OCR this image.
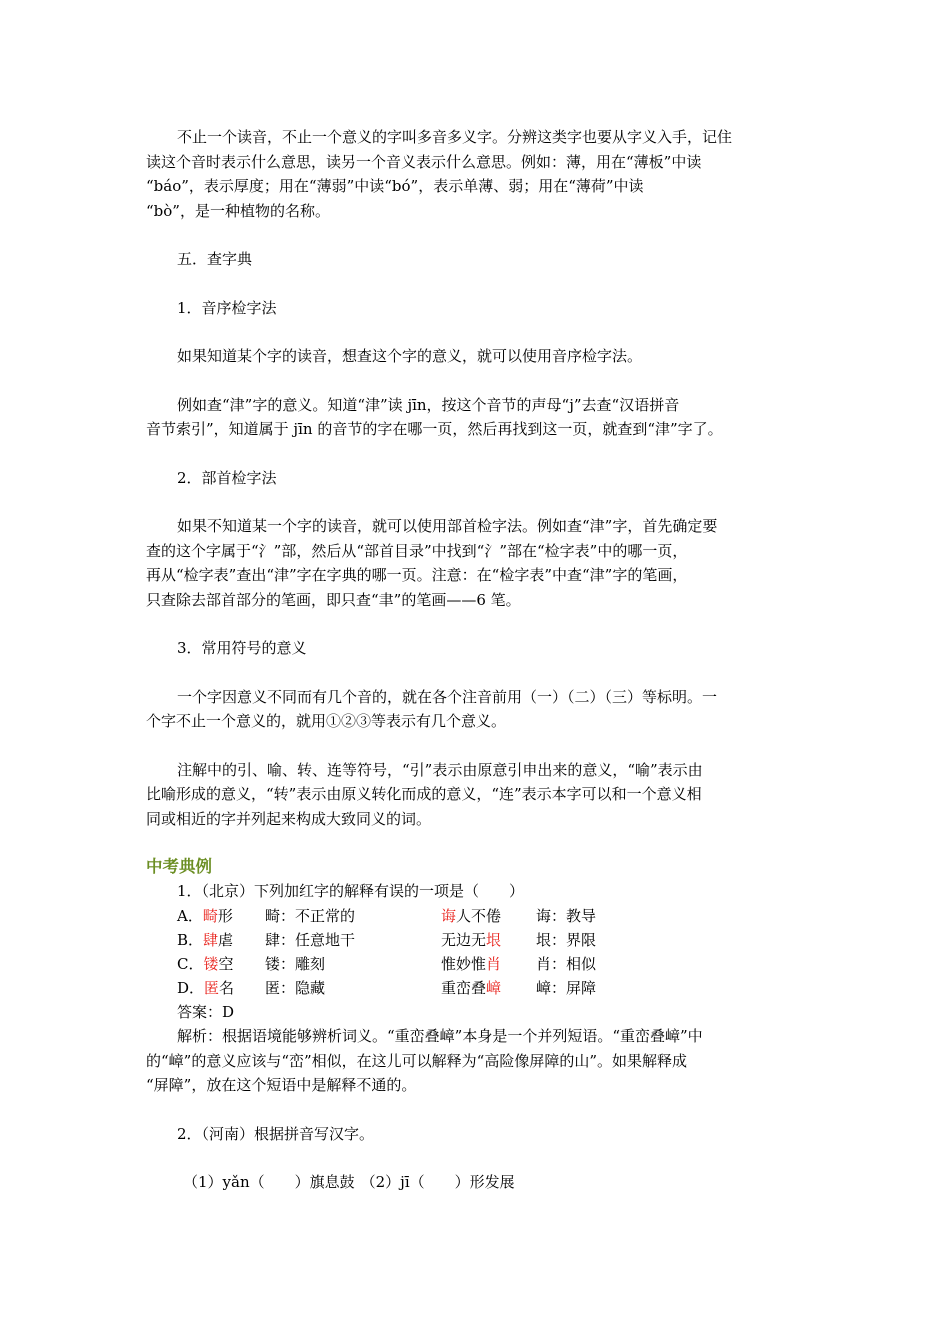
不止一个读音，不止一个意义的字叫多音多义字。分辨这类字也要从字义入手，记住

读这个音时表示什么意思，读另一个音义表示什么意思。例如：薄，用在“薄板”中读

“báo”，表示厚度；用在“薄弱”中读“bó”，表示单薄、弱；用在“薄荷”中读

“bò”，是一种植物的名称。

五．查字典

1．音序检字法

如果知道某个字的读音，想查这个字的意义，就可以使用音序检字法。

例如查“津”字的意义。知道“津”读 jīn，按这个音节的声母“j”去查“汉语拼音

音节索引”，知道属于 jīn 的音节的字在哪一页，然后再找到这一页，就查到“津”字了。

2．部首检字法

如果不知道某一个字的读音，就可以使用部首检字法。例如查“津”字，首先确定要

查的这个字属于“氵”部，然后从“部首目录”中找到“氵”部在“检字表”中的哪一页，

再从“检字表”查出“津”字在字典的哪一页。注意：在“检字表”中查“津”字的笔画，

只查除去部首部分的笔画，即只查“聿”的笔画——6 笔。

3．常用符号的意义

一个字因意义不同而有几个音的，就在各个注音前用（一）（二）（三）等标明。一

个字不止一个意义的，就用①②③等表示有几个意义。

注解中的引、喻、转、连等符号，“引”表示由原意引申出来的意义，“喻”表示由

比喻形成的意义，“转”表示由原义转化而成的意义，“连”表示本字可以和一个意义相

同或相近的字并列起来构成大致同义的词。

中考典例

1．（北京）下列加红字的解释有误的一项是（　　）

A．畸形	畸：不正常的	诲人不倦	诲：教导
B．肆虐	肆：任意地干	无边无垠	垠：界限
C．镂空	镂：雕刻	惟妙惟肖	肖：相似
D．匿名	匿：隐藏	重峦叠嶂	嶂：屏障

答案：D

解析：根据语境能够辨析词义。“重峦叠嶂”本身是一个并列短语。“重峦叠嶂”中

的“嶂”的意义应该与“峦”相似，在这儿可以解释为“高险像屏障的山”。如果解释成

“屏障”，放在这个短语中是解释不通的。

2．（河南）根据拼音写汉字。

（1）yǎn（　　）旗息鼓 （2）jī（　　）形发展
